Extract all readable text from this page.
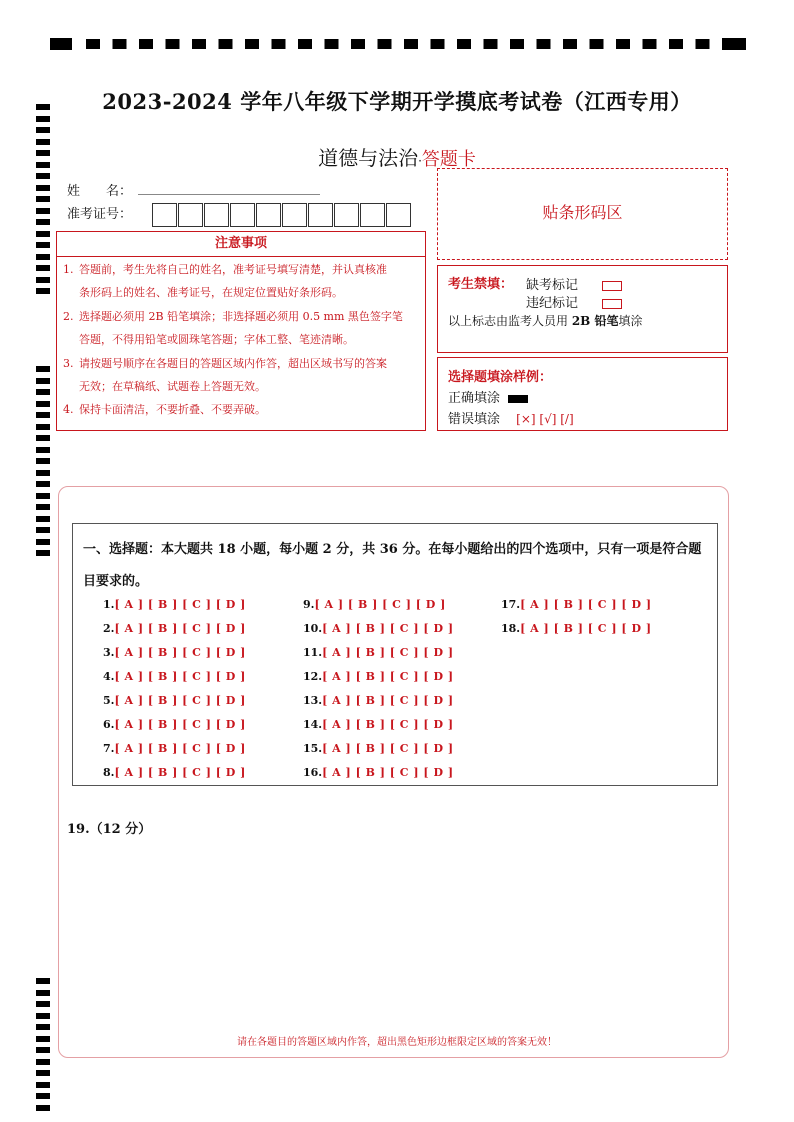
2023-2024 学年八年级下学期开学摸底考试卷（江西专用）
道德与法治·答题卡
姓　　名：
准考证号：
注意事项
1. 答题前，考生先将自己的姓名，准考证号填写清楚，并认真核准
条形码上的姓名、准考证号，在规定位置贴好条形码。
2. 选择题必须用 2B 铅笔填涂；非选择题必须用 0.5 mm 黑色签字笔
答题，不得用铅笔或圆珠笔答题；字体工整、笔迹清晰。
3. 请按题号顺序在各题目的答题区域内作答，超出区域书写的答案
无效；在草稿纸、试题卷上答题无效。
4. 保持卡面清洁，不要折叠、不要弄破。
贴条形码区
考生禁填： 缺考标记
违纪标记
以上标志由监考人员用 2B 铅笔填涂
选择题填涂样例：
正确填涂
错误填涂 [×] [√] [/]
一、选择题：本大题共 18 小题，每小题 2 分，共 36 分。在每小题给出的四个选项中，只有一项是符合题目要求的。
1.[ A ] [ B ] [ C ] [ D ]
2.[ A ] [ B ] [ C ] [ D ]
3.[ A ] [ B ] [ C ] [ D ]
4.[ A ] [ B ] [ C ] [ D ]
5.[ A ] [ B ] [ C ] [ D ]
6.[ A ] [ B ] [ C ] [ D ]
7.[ A ] [ B ] [ C ] [ D ]
8.[ A ] [ B ] [ C ] [ D ]
9.[ A ] [ B ] [ C ] [ D ]
10.[ A ] [ B ] [ C ] [ D ]
11.[ A ] [ B ] [ C ] [ D ]
12.[ A ] [ B ] [ C ] [ D ]
13.[ A ] [ B ] [ C ] [ D ]
14.[ A ] [ B ] [ C ] [ D ]
15.[ A ] [ B ] [ C ] [ D ]
16.[ A ] [ B ] [ C ] [ D ]
17.[ A ] [ B ] [ C ] [ D ]
18.[ A ] [ B ] [ C ] [ D ]
19.（12 分）
请在各题目的答题区域内作答，超出黑色矩形边框限定区域的答案无效！
